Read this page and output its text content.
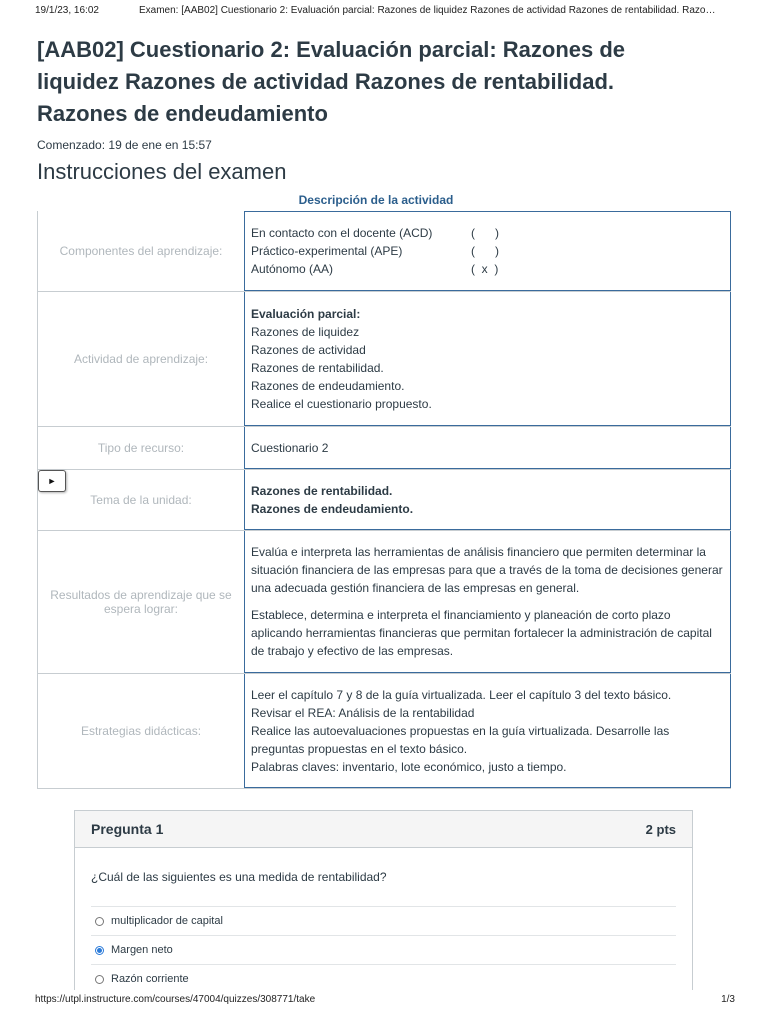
19/1/23, 16:02	Examen: [AAB02] Cuestionario 2: Evaluación parcial: Razones de liquidez Razones de actividad Razones de rentabilidad. Razo…
[AAB02] Cuestionario 2: Evaluación parcial: Razones de liquidez Razones de actividad Razones de rentabilidad. Razones de endeudamiento
Comenzado: 19 de ene en 15:57
Instrucciones del examen
Descripción de la actividad
Componentes del aprendizaje:
En contacto con el docente (ACD)	(      )
Práctico-experimental (APE)	(      )
Autónomo (AA)	(  x  )
Actividad de aprendizaje:
Evaluación parcial:
Razones de liquidez
Razones de actividad
Razones de rentabilidad.
Razones de endeudamiento.
Realice el cuestionario propuesto.
Tipo de recurso:	Cuestionario 2
►
Tema de la unidad:
Razones de rentabilidad.
Razones de endeudamiento.
Resultados de aprendizaje que se espera lograr:

Evalúa e interpreta las herramientas de análisis financiero que permiten determinar la situación financiera de las empresas para que a través de la toma de decisiones generar una adecuada gestión financiera de las empresas en general.

Establece, determina e interpreta el financiamiento y planeación de corto plazo aplicando herramientas financieras que permitan fortalecer la administración de capital de trabajo y efectivo de las empresas.

Estrategias didácticas:
Leer el capítulo 7 y 8 de la guía virtualizada. Leer el capítulo 3 del texto básico.
Revisar el REA: Análisis de la rentabilidad
Realice las autoevaluaciones propuestas en la guía virtualizada. Desarrolle las preguntas propuestas en el texto básico.
Palabras claves: inventario, lote económico, justo a tiempo.
Pregunta 1	2 pts
¿Cuál de las siguientes es una medida de rentabilidad?
multiplicador de capital
Margen neto
Razón corriente
https://utpl.instructure.com/courses/47004/quizzes/308771/take	1/3
